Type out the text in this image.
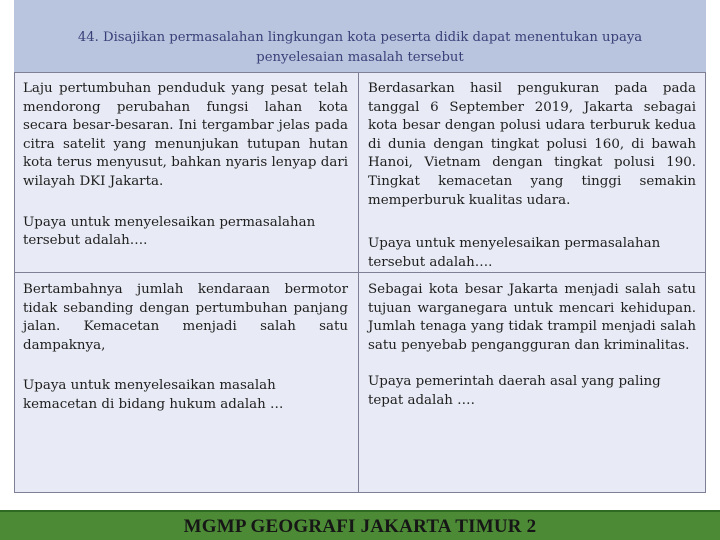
44. Disajikan permasalahan lingkungan kota peserta didik dapat menentukan upaya penyelesaian masalah tersebut

Laju pertumbuhan penduduk yang pesat telah mendorong perubahan fungsi lahan kota secara besar-besaran. Ini tergambar jelas pada citra satelit yang menunjukan tutupan hutan kota terus menyusut, bahkan nyaris lenyap dari wilayah DKI Jakarta.

Upaya untuk menyelesaikan permasalahan tersebut adalah….

Berdasarkan hasil pengukuran pada pada tanggal 6 September 2019, Jakarta sebagai kota besar dengan polusi udara terburuk kedua di dunia dengan tingkat polusi 160, di bawah Hanoi, Vietnam dengan tingkat polusi 190. Tingkat kemacetan yang tinggi semakin memperburuk kualitas udara.

Upaya untuk menyelesaikan permasalahan tersebut adalah….

Bertambahnya jumlah kendaraan bermotor tidak sebanding dengan pertumbuhan panjang jalan. Kemacetan menjadi salah satu dampaknya,

Upaya untuk menyelesaikan masalah kemacetan di bidang hukum adalah …

Sebagai kota besar Jakarta menjadi salah satu tujuan warganegara untuk mencari kehidupan. Jumlah tenaga yang tidak trampil menjadi salah satu penyebab pengangguran dan kriminalitas.

Upaya pemerintah daerah asal yang paling tepat adalah ….

MGMP GEOGRAFI JAKARTA TIMUR 2
